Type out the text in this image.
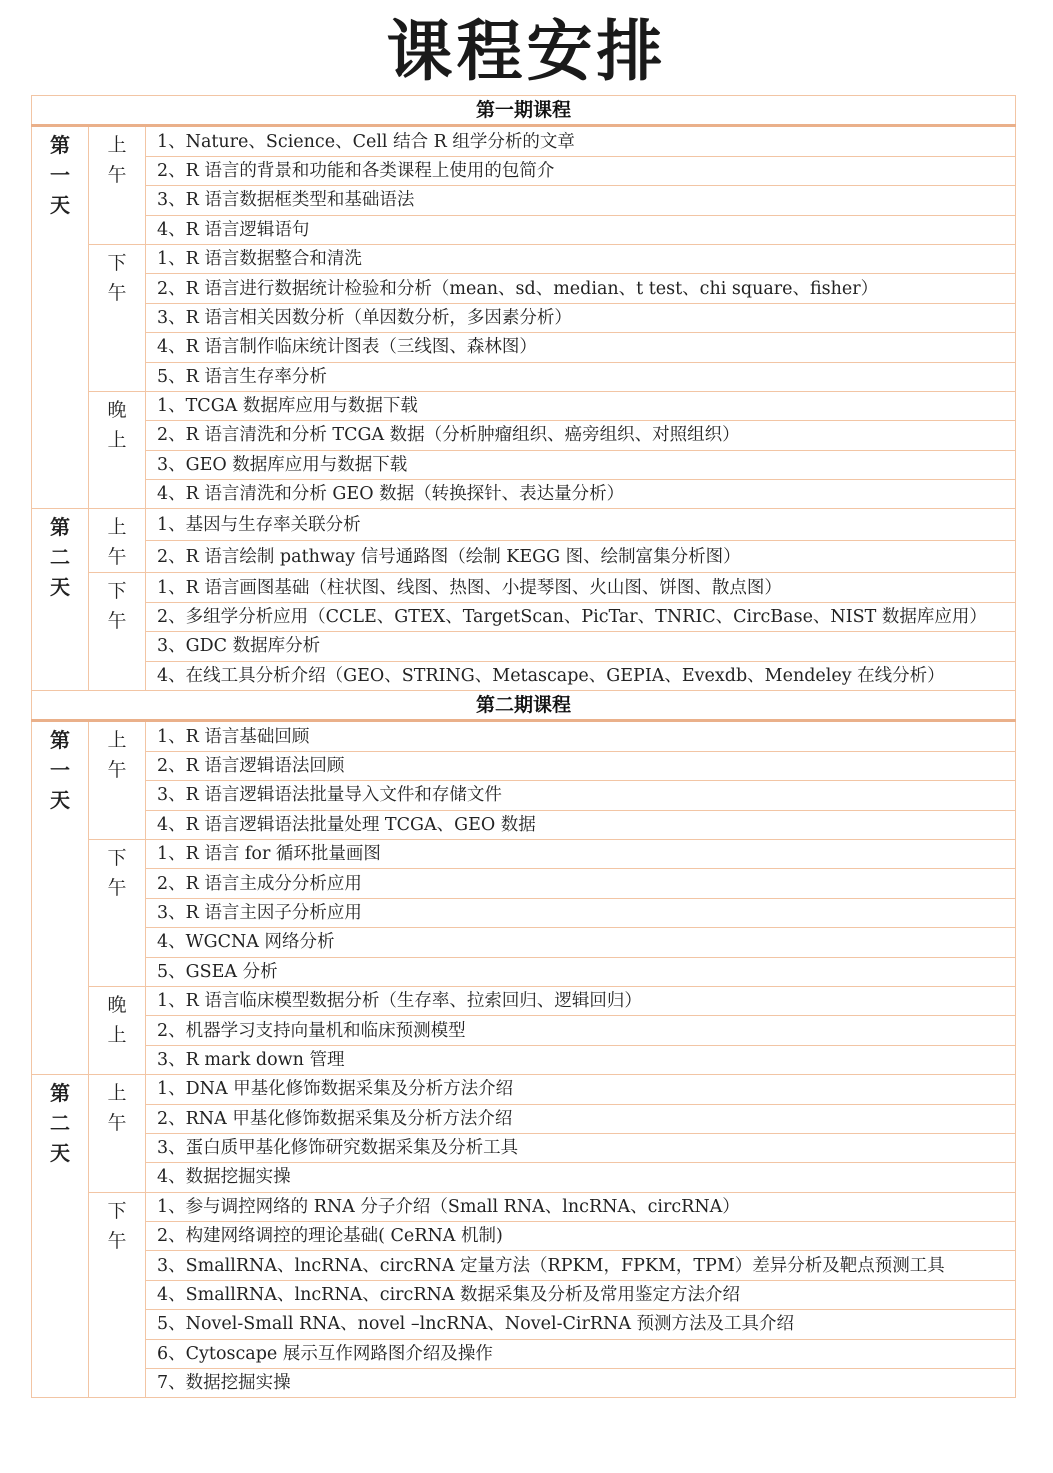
课程安排
第一期课程		

第
一
天	上
午	1、Nature、Science、Cell 结合 R 组学分析的文章
		2、R 语言的背景和功能和各类课程上使用的包简介
		3、R 语言数据框类型和基础语法
		4、R 语言逻辑语句

	下
午	1、R 语言数据整合和清洗
		2、R 语言进行数据统计检验和分析（mean、sd、median、t test、chi square、fisher）
		3、R 语言相关因数分析（单因数分析，多因素分析）
		4、R 语言制作临床统计图表（三线图、森林图）
		5、R 语言生存率分析

	晚
上	1、TCGA 数据库应用与数据下载
		2、R 语言清洗和分析 TCGA 数据（分析肿瘤组织、癌旁组织、对照组织）
		3、GEO 数据库应用与数据下载
		4、R 语言清洗和分析 GEO 数据（转换探针、表达量分析）

第
二
天	上
午	1、基因与生存率关联分析
		2、R 语言绘制 pathway 信号通路图（绘制 KEGG 图、绘制富集分析图）

	下
午	1、R 语言画图基础（柱状图、线图、热图、小提琴图、火山图、饼图、散点图）
		2、多组学分析应用（CCLE、GTEX、TargetScan、PicTar、TNRIC、CircBase、NIST 数据库应用）
		3、GDC 数据库分析
		4、在线工具分析介绍（GEO、STRING、Metascape、GEPIA、Evexdb、Mendeley 在线分析）
第二期课程		

第
一
天	上
午	1、R 语言基础回顾
		2、R 语言逻辑语法回顾
		3、R 语言逻辑语法批量导入文件和存储文件
		4、R 语言逻辑语法批量处理 TCGA、GEO 数据

	下
午	1、R 语言 for 循环批量画图
		2、R 语言主成分分析应用
		3、R 语言主因子分析应用
		4、WGCNA 网络分析
		5、GSEA 分析

	晚
上	1、R 语言临床模型数据分析（生存率、拉索回归、逻辑回归）
		2、机器学习支持向量机和临床预测模型
		3、R mark down 管理

第
二
天	上
午	1、DNA 甲基化修饰数据采集及分析方法介绍
		2、RNA 甲基化修饰数据采集及分析方法介绍
		3、蛋白质甲基化修饰研究数据采集及分析工具
		4、数据挖掘实操

	下
午	1、参与调控网络的 RNA 分子介绍（Small RNA、lncRNA、circRNA）
		2、构建网络调控的理论基础( CeRNA 机制)
		3、SmallRNA、lncRNA、circRNA 定量方法（RPKM，FPKM，TPM）差异分析及靶点预测工具
		4、SmallRNA、lncRNA、circRNA 数据采集及分析及常用鉴定方法介绍
		5、Novel-Small RNA、novel –lncRNA、Novel-CirRNA 预测方法及工具介绍
		6、Cytoscape 展示互作网路图介绍及操作
		7、数据挖掘实操
